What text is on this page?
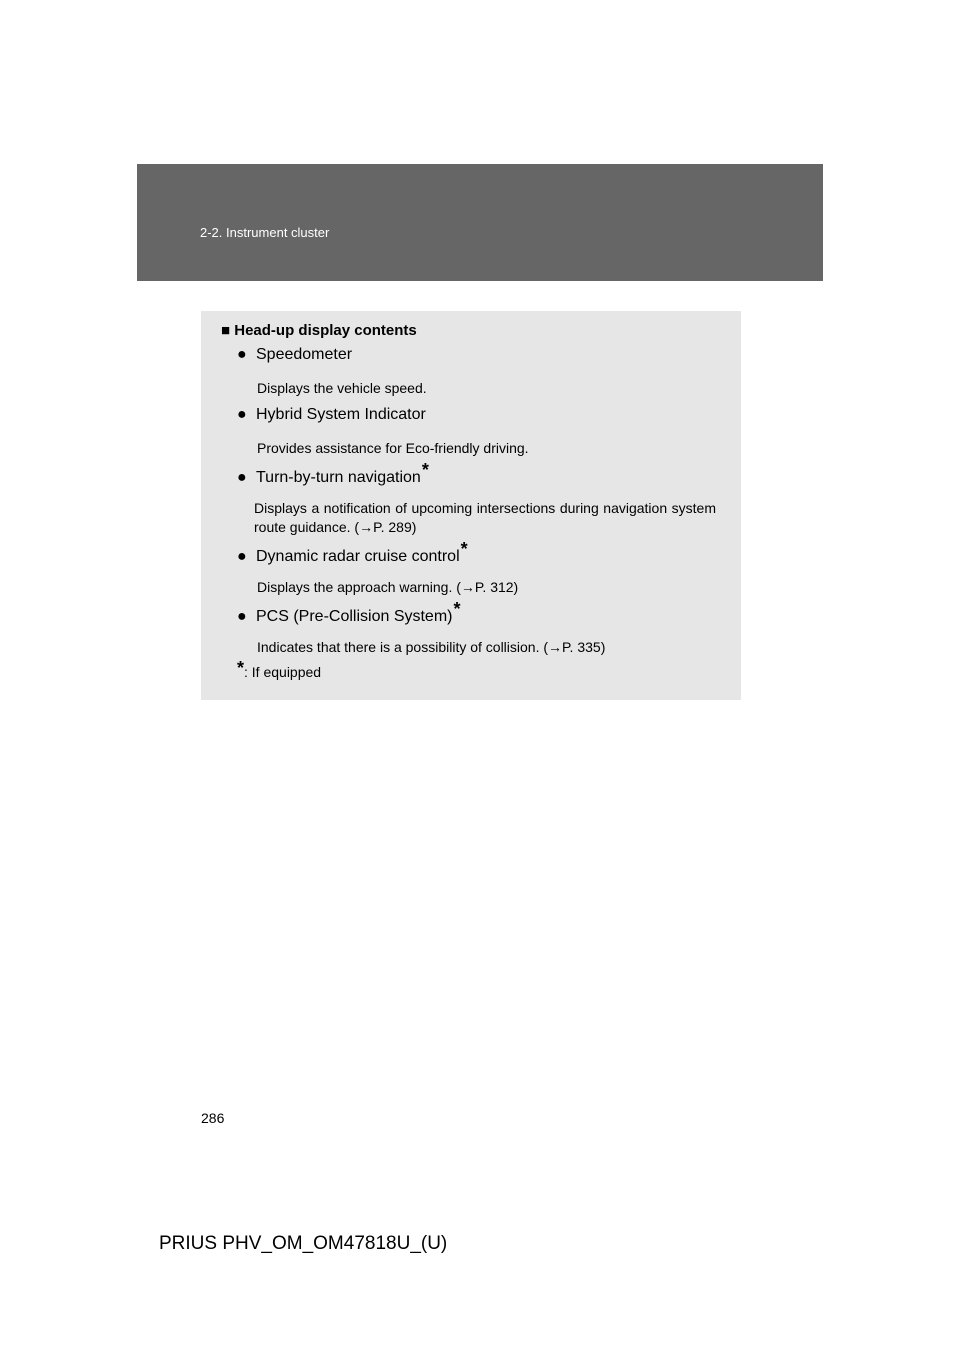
2-2. Instrument cluster
■ Head-up display contents
● Speedometer
Displays the vehicle speed.
● Hybrid System Indicator
Provides assistance for Eco-friendly driving.
● Turn-by-turn navigation*
Displays a notification of upcoming intersections during navigation system route guidance. (→P. 289)
● Dynamic radar cruise control*
Displays the approach warning. (→P. 312)
● PCS (Pre-Collision System)*
Indicates that there is a possibility of collision. (→P. 335)
*: If equipped
286
PRIUS PHV_OM_OM47818U_(U)
